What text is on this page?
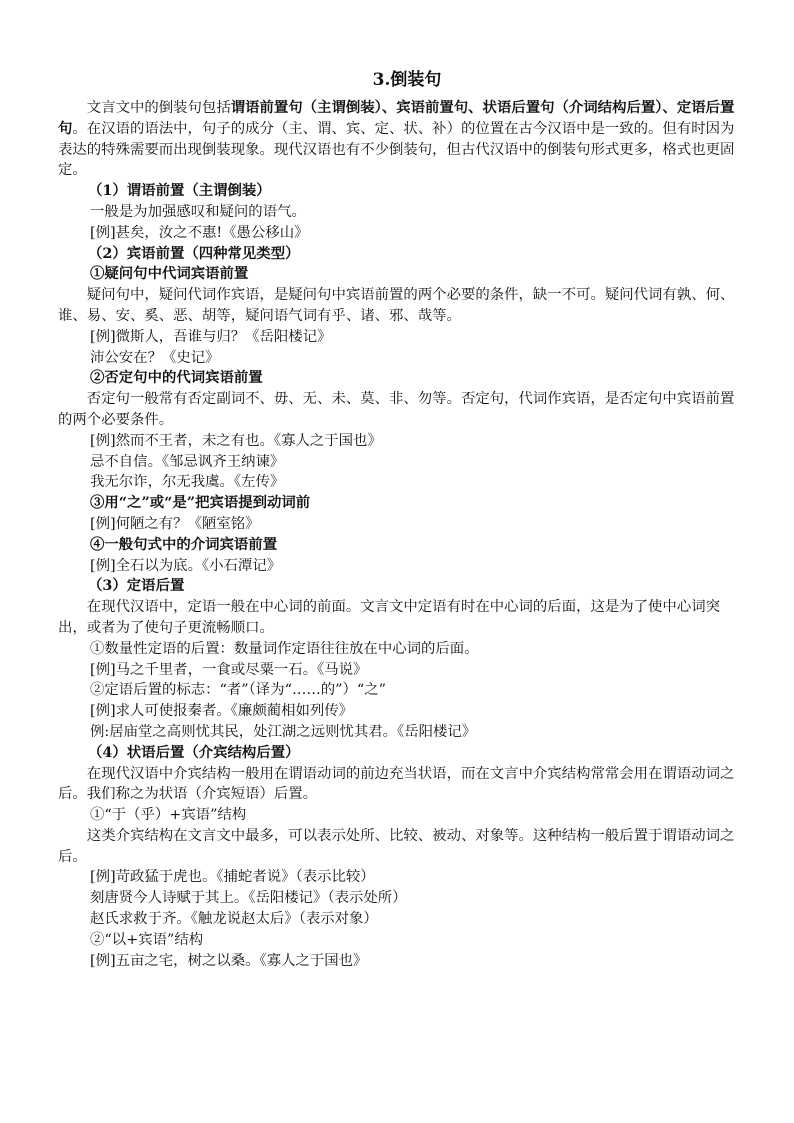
3.倒装句

文言文中的倒装句包括谓语前置句（主谓倒装）、宾语前置句、状语后置句（介词结构后置）、定语后置句。在汉语的语法中，句子的成分（主、谓、宾、定、状、补）的位置在古今汉语中是一致的。但有时因为表达的特殊需要而出现倒装现象。现代汉语也有不少倒装句，但古代汉语中的倒装句形式更多，格式也更固定。

（1）谓语前置（主谓倒装）

一般是为加强感叹和疑问的语气。

[例]甚矣，汝之不惠!《愚公移山》

（2）宾语前置（四种常见类型）

①疑问句中代词宾语前置

疑问句中，疑问代词作宾语，是疑问句中宾语前置的两个必要的条件，缺一不可。疑问代词有孰、何、谁、易、安、奚、恶、胡等，疑问语气词有乎、诸、邪、哉等。

[例]微斯人，吾谁与归？《岳阳楼记》

沛公安在？《史记》

②否定句中的代词宾语前置

否定句一般常有否定副词不、毋、无、未、莫、非、勿等。否定句，代词作宾语，是否定句中宾语前置的两个必要条件。

[例]然而不王者，未之有也。《寡人之于国也》

忌不自信。《邹忌讽齐王纳谏》

我无尔诈，尔无我虞。《左传》

③用“之”或“是”把宾语提到动词前

[例]何陋之有？《陋室铭》

④一般句式中的介词宾语前置

[例]全石以为底。《小石潭记》

（3）定语后置

在现代汉语中，定语一般在中心词的前面。文言文中定语有时在中心词的后面，这是为了使中心词突出，或者为了使句子更流畅顺口。

①数量性定语的后置：数量词作定语往往放在中心词的后面。

[例]马之千里者，一食或尽粟一石。《马说》

②定语后置的标志：“者”（译为“……的”）“之”

[例]求人可使报秦者。《廉颇蔺相如列传》

例:居庙堂之高则忧其民，处江湖之远则忧其君。《岳阳楼记》

（4）状语后置（介宾结构后置）

在现代汉语中介宾结构一般用在谓语动词的前边充当状语，而在文言中介宾结构常常会用在谓语动词之后。我们称之为状语（介宾短语）后置。

①“于（乎）+宾语”结构

这类介宾结构在文言文中最多，可以表示处所、比较、被动、对象等。这种结构一般后置于谓语动词之后。

[例]苛政猛于虎也。《捕蛇者说》（表示比较）

刻唐贤今人诗赋于其上。《岳阳楼记》（表示处所）

赵氏求救于齐。《触龙说赵太后》（表示对象）

②“以+宾语”结构

[例]五亩之宅，树之以桑。《寡人之于国也》
